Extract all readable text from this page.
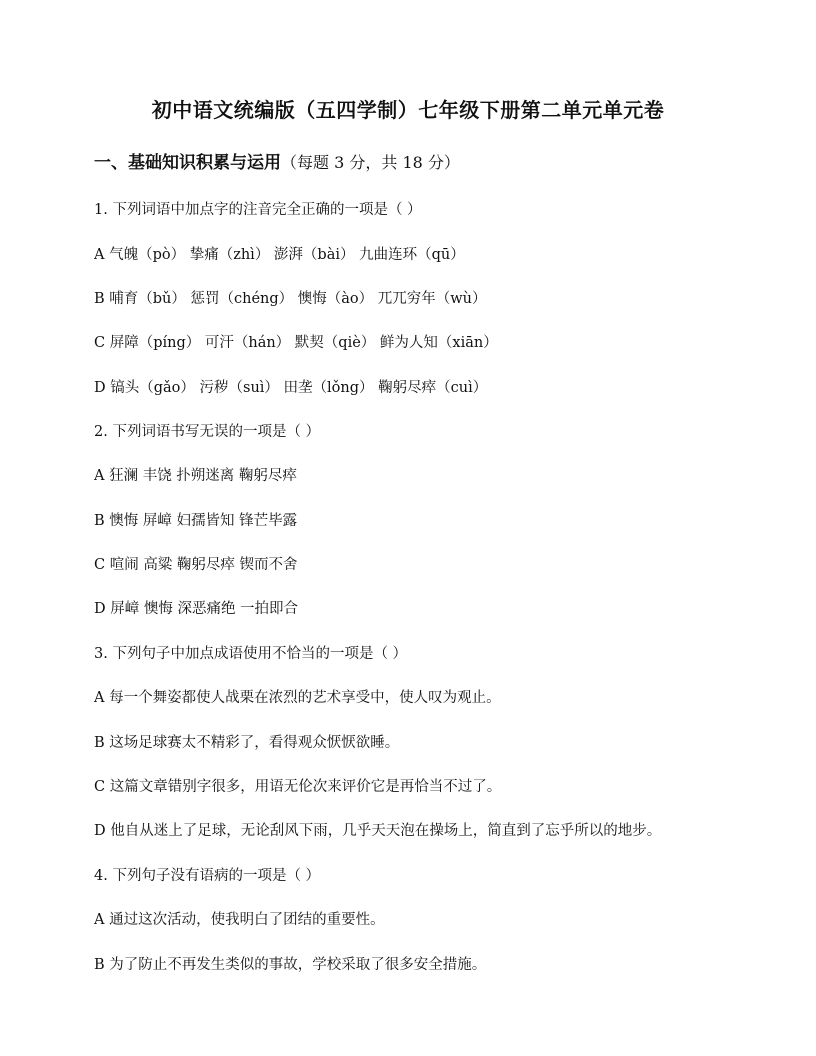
初中语文统编版（五四学制）七年级下册第二单元单元卷
一、基础知识积累与运用（每题 3 分，共 18 分）
1. 下列词语中加点字的注音完全正确的一项是（ ）
A 气魄（pò） 挚痛（zhì） 澎湃（bài） 九曲连环（qū）
B 哺育（bǔ） 惩罚（chéng） 懊悔（ào） 兀兀穷年（wù）
C 屏障（píng） 可汗（hán） 默契（qiè） 鲜为人知（xiān）
D 镐头（gǎo） 污秽（suì） 田垄（lǒng） 鞠躬尽瘁（cuì）
2. 下列词语书写无误的一项是（ ）
A 狂澜 丰饶 扑朔迷离 鞠躬尽瘁
B 懊悔 屏嶂 妇孺皆知 锋芒毕露
C 喧闹 高粱 鞠躬尽瘁 锲而不舍
D 屏嶂 懊悔 深恶痛绝 一拍即合
3. 下列句子中加点成语使用不恰当的一项是（ ）
A 每一个舞姿都使人战栗在浓烈的艺术享受中，使人叹为观止。
B 这场足球赛太不精彩了，看得观众恹恹欲睡。
C 这篇文章错别字很多，用语无伦次来评价它是再恰当不过了。
D 他自从迷上了足球，无论刮风下雨，几乎天天泡在操场上，简直到了忘乎所以的地步。
4. 下列句子没有语病的一项是（ ）
A 通过这次活动，使我明白了团结的重要性。
B 为了防止不再发生类似的事故，学校采取了很多安全措施。
